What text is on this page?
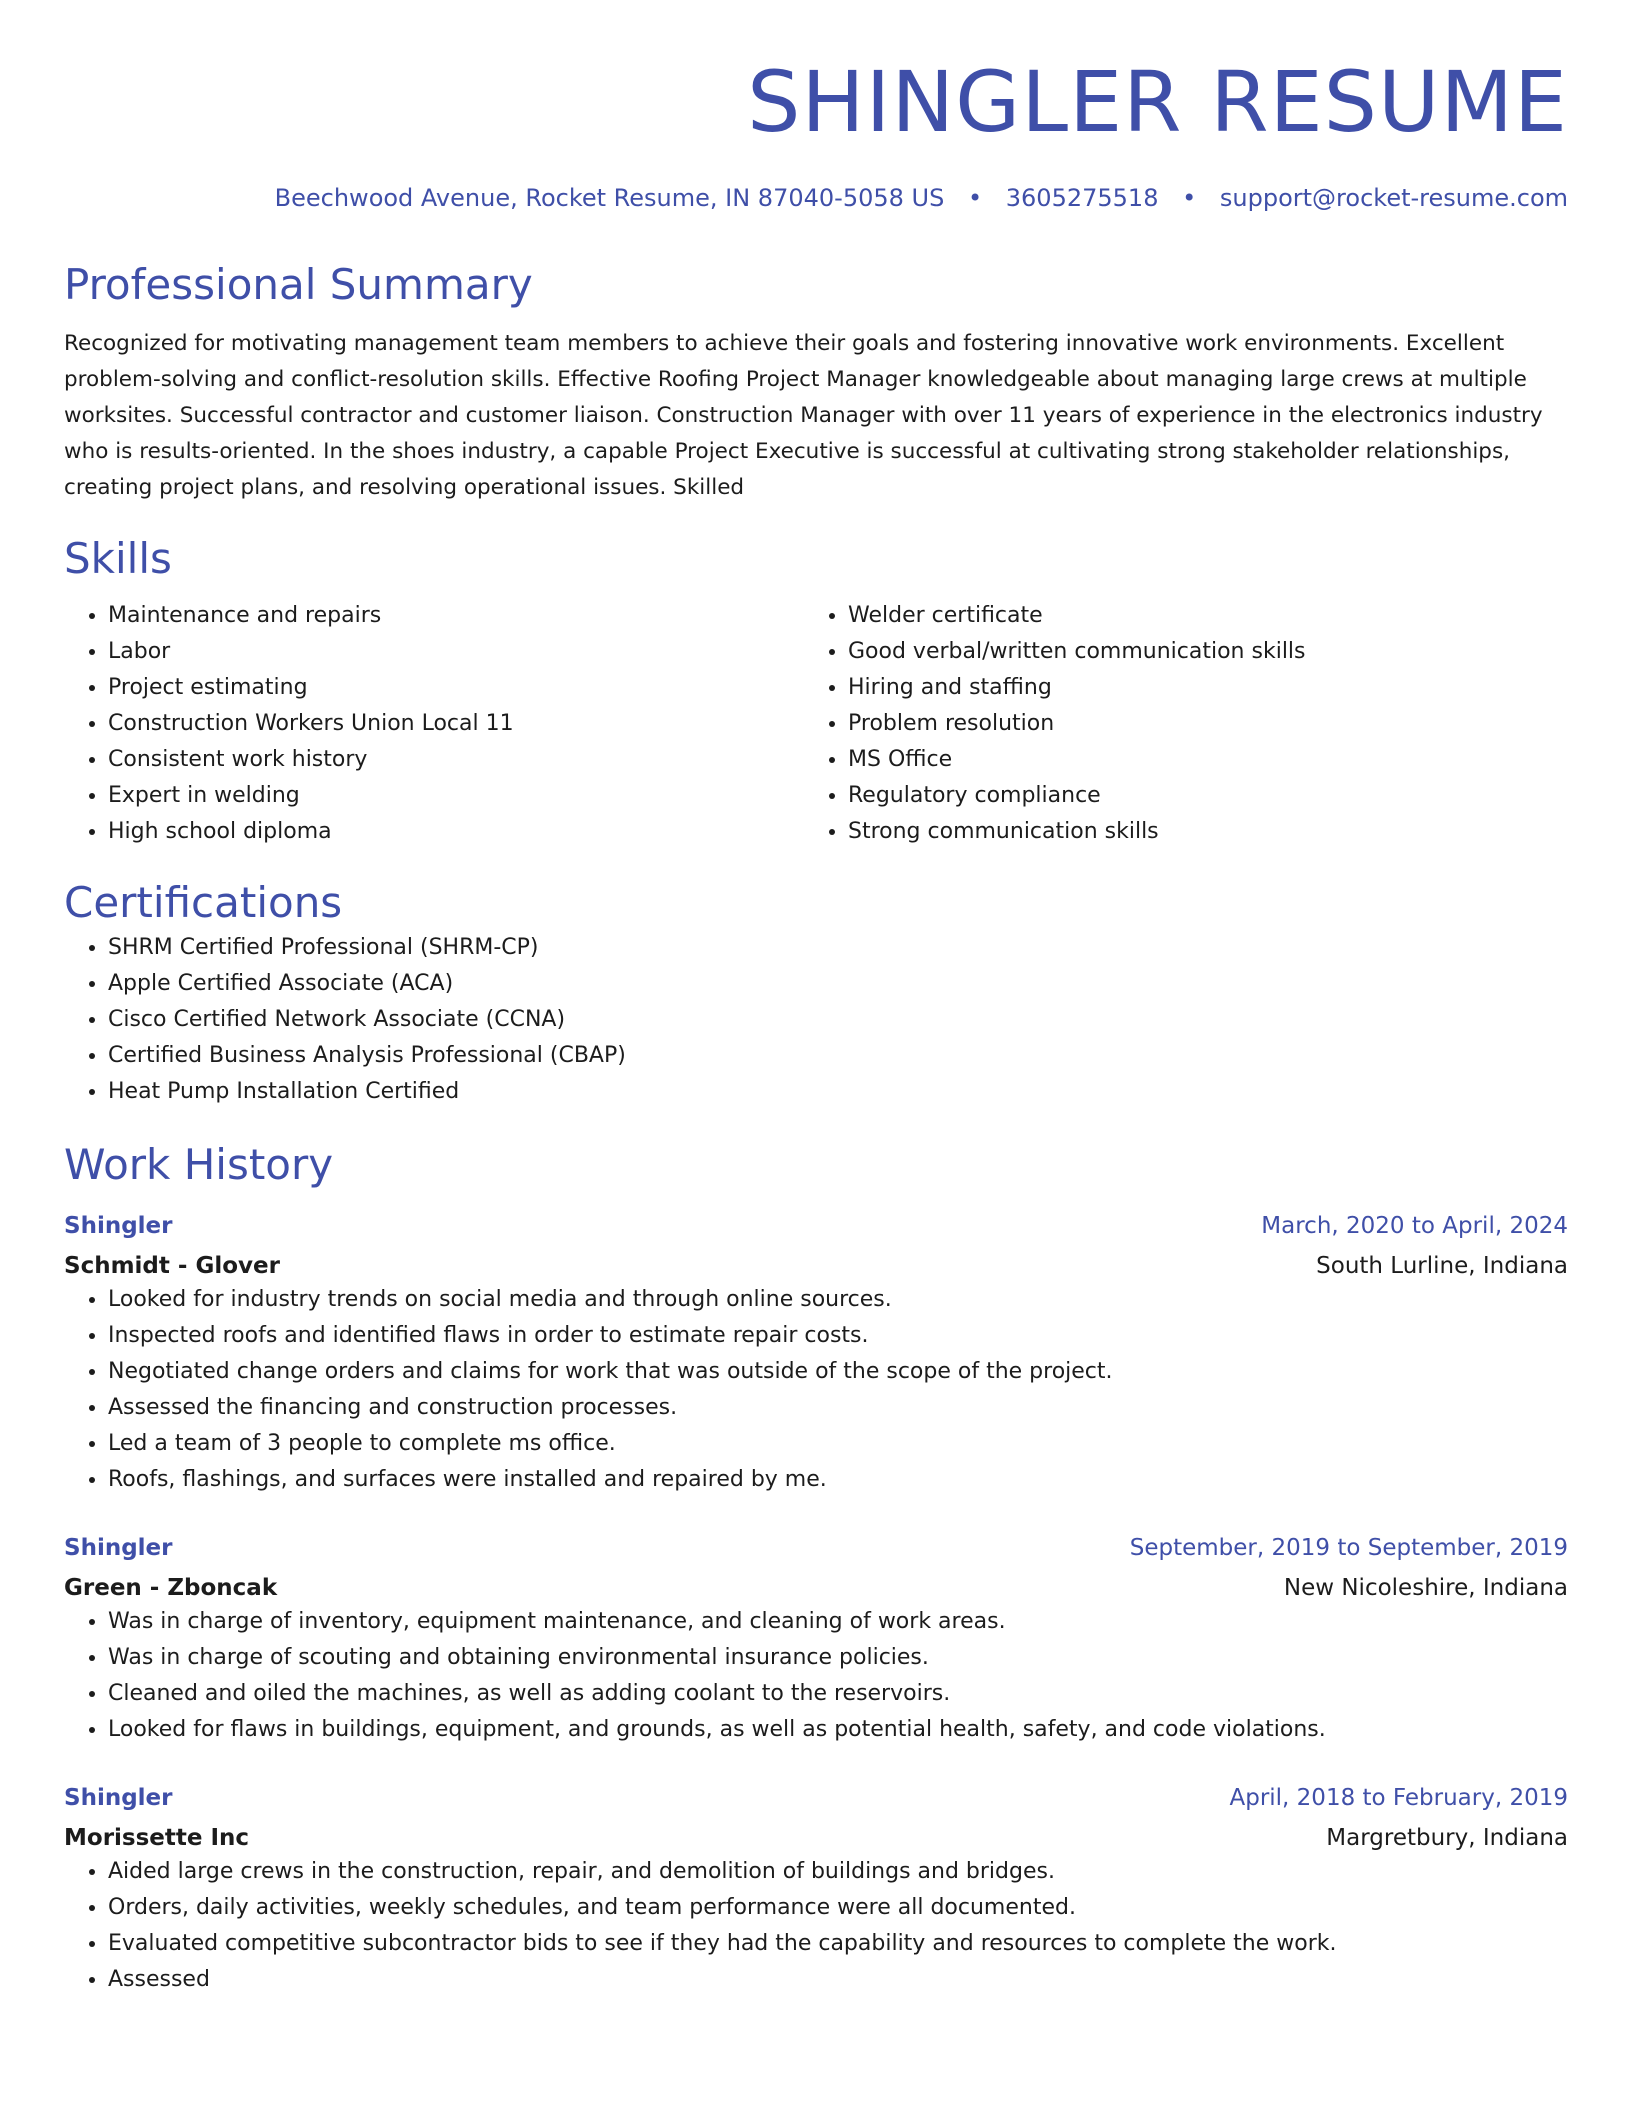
SHINGLER RESUME
Beechwood Avenue, Rocket Resume, IN 87040-5058 US • 3605275518 • support@rocket-resume.com
Professional Summary
Recognized for motivating management team members to achieve their goals and fostering innovative work environments. Excellent problem-solving and conflict-resolution skills. Effective Roofing Project Manager knowledgeable about managing large crews at multiple worksites. Successful contractor and customer liaison. Construction Manager with over 11 years of experience in the electronics industry who is results-oriented. In the shoes industry, a capable Project Executive is successful at cultivating strong stakeholder relationships, creating project plans, and resolving operational issues. Skilled
Skills
• Maintenance and repairs
• Labor
• Project estimating
• Construction Workers Union Local 11
• Consistent work history
• Expert in welding
• High school diploma
• Welder certificate
• Good verbal/written communication skills
• Hiring and staffing
• Problem resolution
• MS Office
• Regulatory compliance
• Strong communication skills
Certifications
• SHRM Certified Professional (SHRM-CP)
• Apple Certified Associate (ACA)
• Cisco Certified Network Associate (CCNA)
• Certified Business Analysis Professional (CBAP)
• Heat Pump Installation Certified
Work History
Shingler	March, 2020 to April, 2024
Schmidt - Glover	South Lurline, Indiana
• Looked for industry trends on social media and through online sources.
• Inspected roofs and identified flaws in order to estimate repair costs.
• Negotiated change orders and claims for work that was outside of the scope of the project.
• Assessed the financing and construction processes.
• Led a team of 3 people to complete ms office.
• Roofs, flashings, and surfaces were installed and repaired by me.
Shingler	September, 2019 to September, 2019
Green - Zboncak	New Nicoleshire, Indiana
• Was in charge of inventory, equipment maintenance, and cleaning of work areas.
• Was in charge of scouting and obtaining environmental insurance policies.
• Cleaned and oiled the machines, as well as adding coolant to the reservoirs.
• Looked for flaws in buildings, equipment, and grounds, as well as potential health, safety, and code violations.
Shingler	April, 2018 to February, 2019
Morissette Inc	Margretbury, Indiana
• Aided large crews in the construction, repair, and demolition of buildings and bridges.
• Orders, daily activities, weekly schedules, and team performance were all documented.
• Evaluated competitive subcontractor bids to see if they had the capability and resources to complete the work.
• Assessed
